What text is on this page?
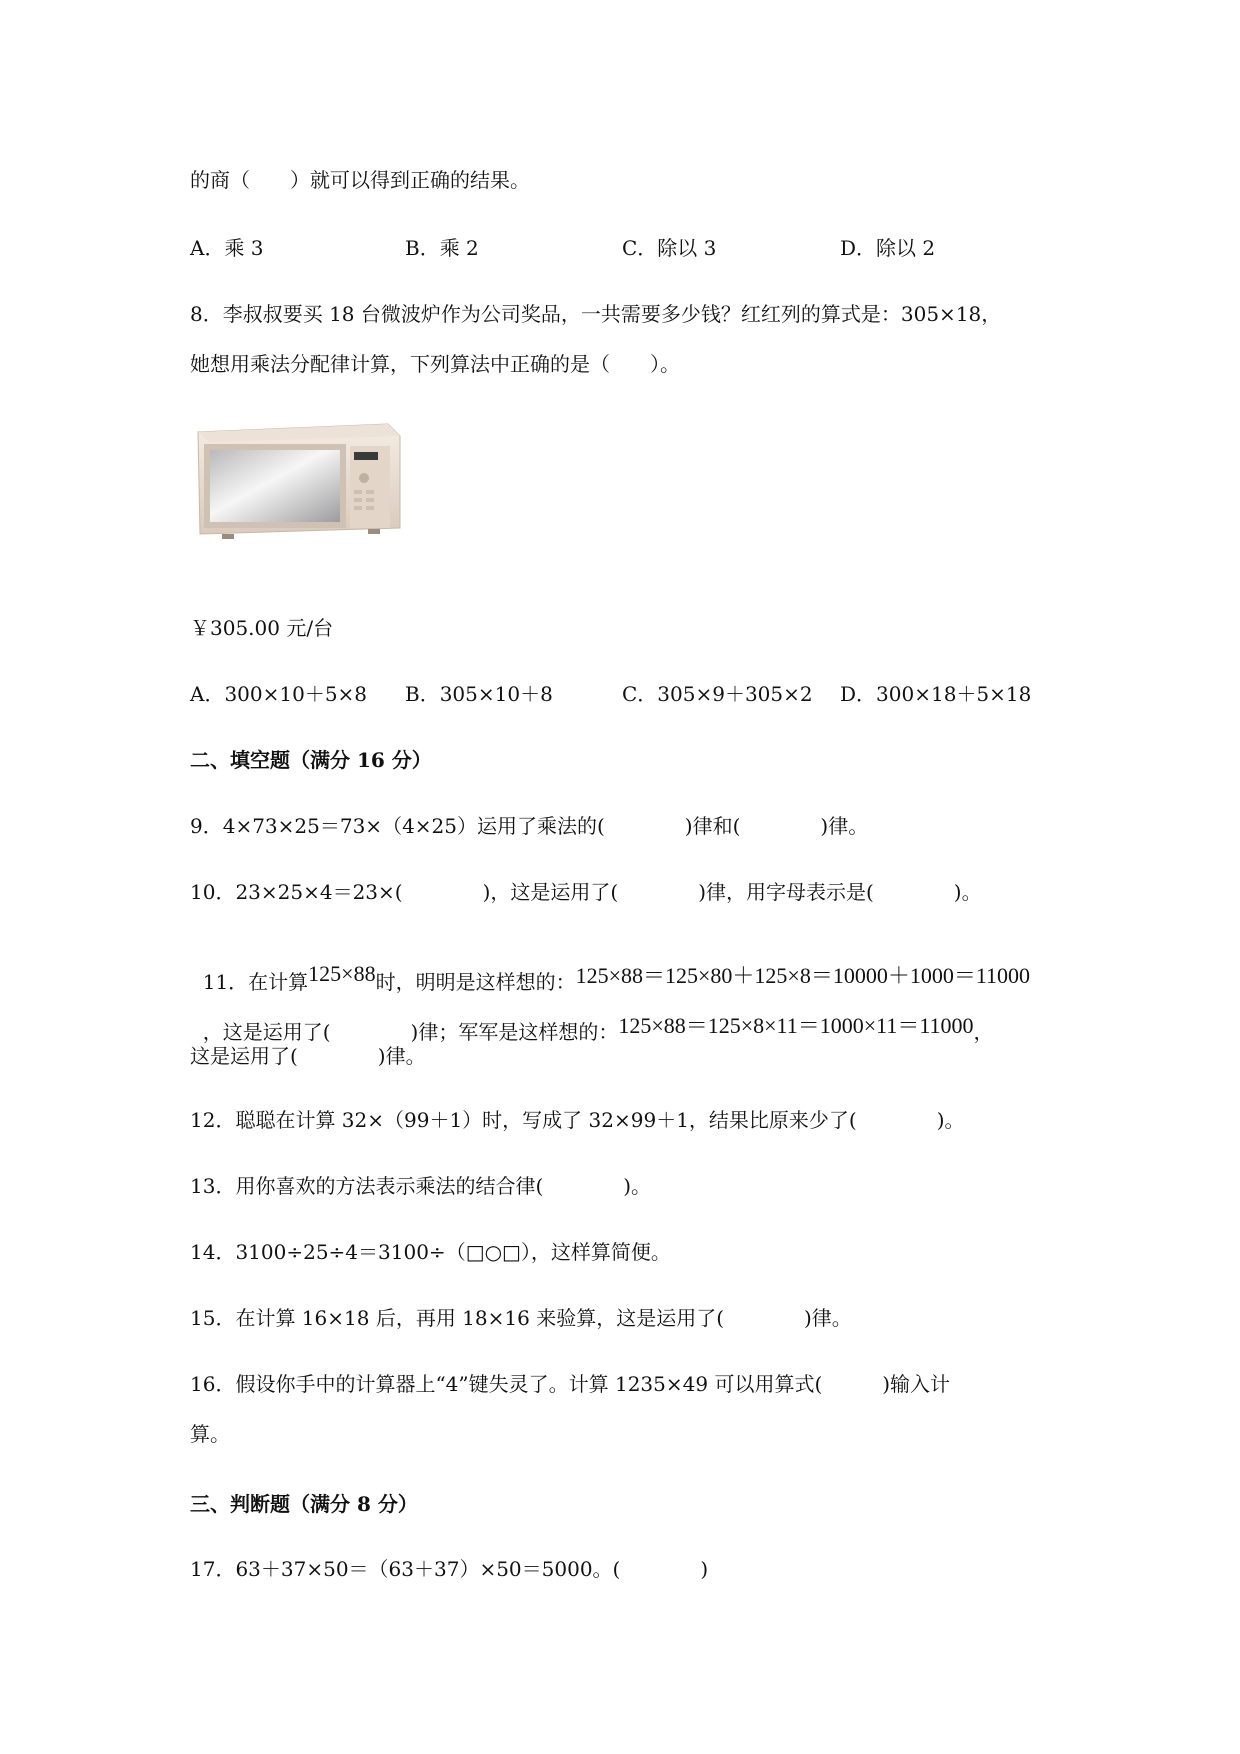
的商（　　）就可以得到正确的结果。
A．乘 3	B．乘 2	C．除以 3	D．除以 2
8．李叔叔要买 18 台微波炉作为公司奖品，一共需要多少钱？红红列的算式是：305×18，
她想用乘法分配律计算，下列算法中正确的是（　　）。
￥305.00 元/台
A．300×10＋5×8 B．305×10＋8	C．305×9＋305×2 D．300×18＋5×18
二、填空题（满分 16 分）
9．4×73×25＝73×（4×25）运用了乘法的(　　　　)律和(　　　　)律。
10．23×25×4＝23×(　　　　)，这是运用了(　　　　)律，用字母表示是(　　　　)。

11．在计算125×88时，明明是这样想的：125×88＝125×80＋125×8＝10000＋1000＝11000

，这是运用了(　　　　)律；军军是这样想的：125×88＝125×8×11＝1000×11＝11000，

这是运用了(　　　　)律。
12．聪聪在计算 32×（99＋1）时，写成了 32×99＋1，结果比原来少了(　　　　)。
13．用你喜欢的方法表示乘法的结合律(　　　　)。
14．3100÷25÷4＝3100÷（□○□），这样算简便。
15．在计算 16×18 后，再用 18×16 来验算，这是运用了(　　　　)律。
16．假设你手中的计算器上“4”键失灵了。计算 1235×49 可以用算式(　　　)输入计
算。
三、判断题（满分 8 分）
17．63＋37×50＝（63＋37）×50＝5000。(　　　　)
